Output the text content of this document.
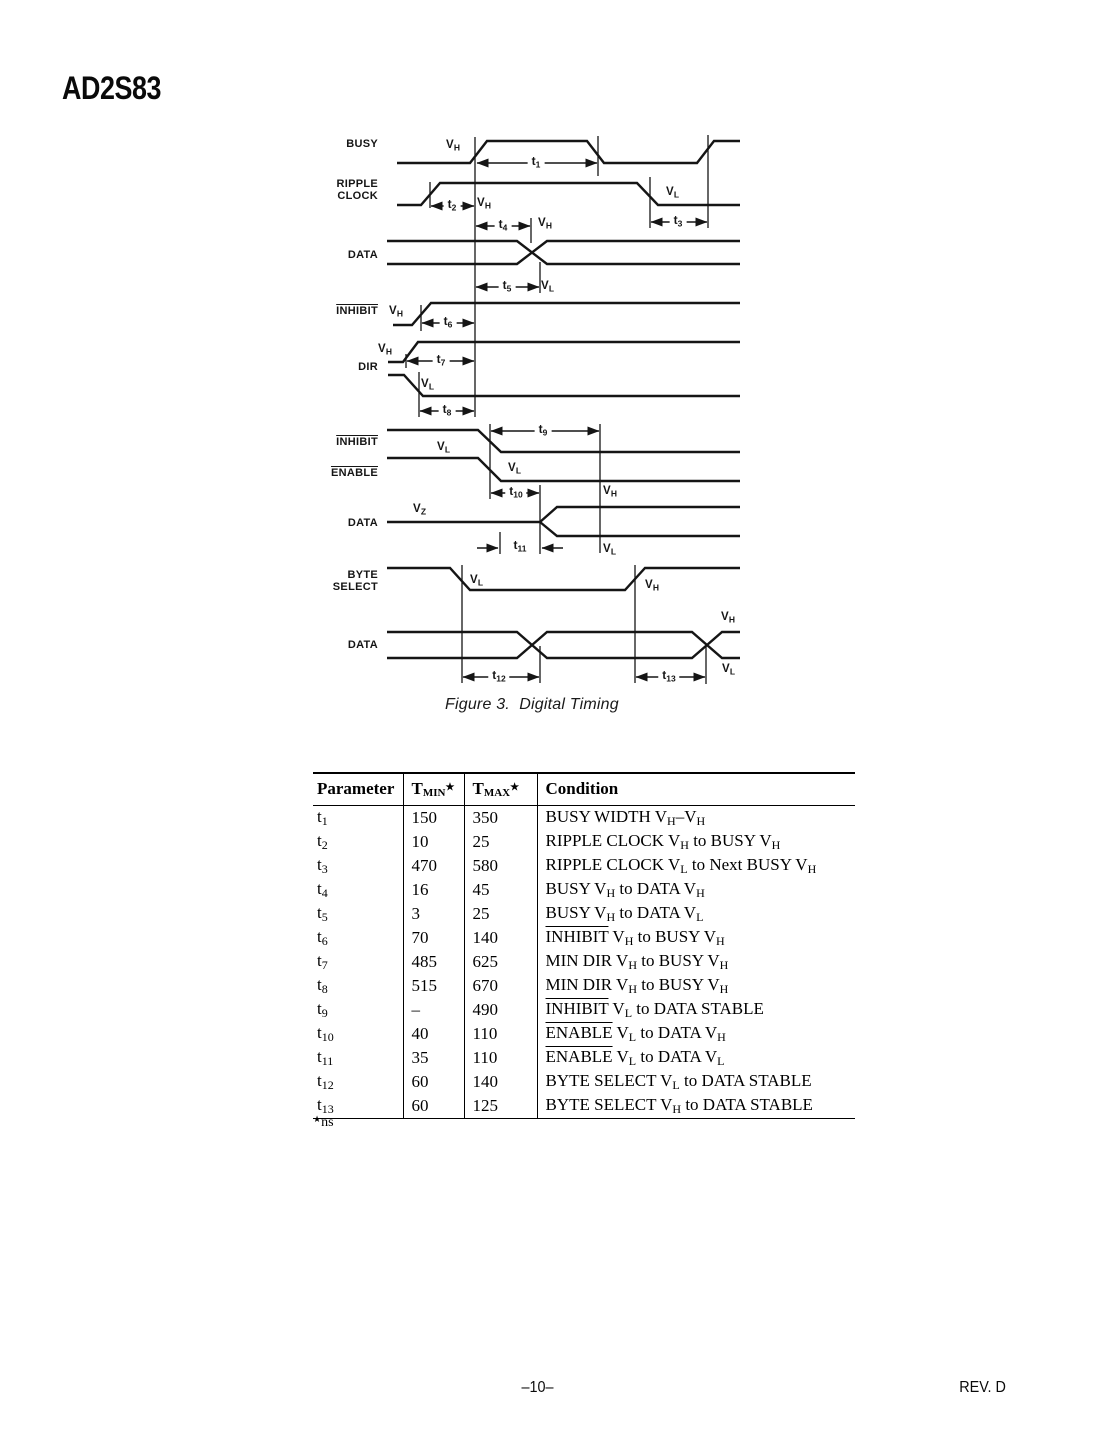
AD2S83
BUSY
RIPPLE
CLOCK
DATA
INHIBIT
DIR
INHIBIT
ENABLE
DATA
BYTE
SELECT
DATA
$V_H$
$V_H$
$V_L$
$V_H$
$V_L$
$V_H$
$V_H$
$V_L$
$V_L$
$V_L$
$V_H$
$V_L$
$V_Z$
$V_L$	$V_H$
$V_H$
$V_L$
$t_1$
$t_2$
$t_3$
$t_4$
$t_5$
$t_6$
$t_7$
$t_8$
$t_9$
$t_{10}$
$t_{11}$
$t_{12}$	$t_{13}$
Figure 3.  Digital Timing
Parameter	$T_{MIN}^★$	$T_{MAX}^★$	Condition
$t_1$	150	350	BUSY WIDTH $V_H-V_H$
$t_2$	10	25	RIPPLE CLOCK $V_H$ to BUSY $V_H$
$t_3$	470	580	RIPPLE CLOCK $V_L$ to Next BUSY $V_H$
$t_4$	16	45	BUSY $V_H$ to DATA $V_H$
$t_5$	3	25	BUSY $V_H$ to DATA $V_L$
$t_6$	70	140	INHIBIT $V_H$ to BUSY $V_H$
$t_7$	485	625	MIN DIR $V_H$ to BUSY $V_H$
$t_8$	515	670	MIN DIR $V_H$ to BUSY $V_H$
$t_9$	–	490	INHIBIT $V_L$ to DATA STABLE
$t_{10}$	40	110	ENABLE $V_L$ to DATA $V_H$
$t_{11}$	35	110	ENABLE $V_L$ to DATA $V_L$
$t_{12}$	60	140	BYTE SELECT $V_L$ to DATA STABLE
$t_{13}$	60	125	BYTE SELECT $V_H$ to DATA STABLE
★ns
–10–	REV. D
